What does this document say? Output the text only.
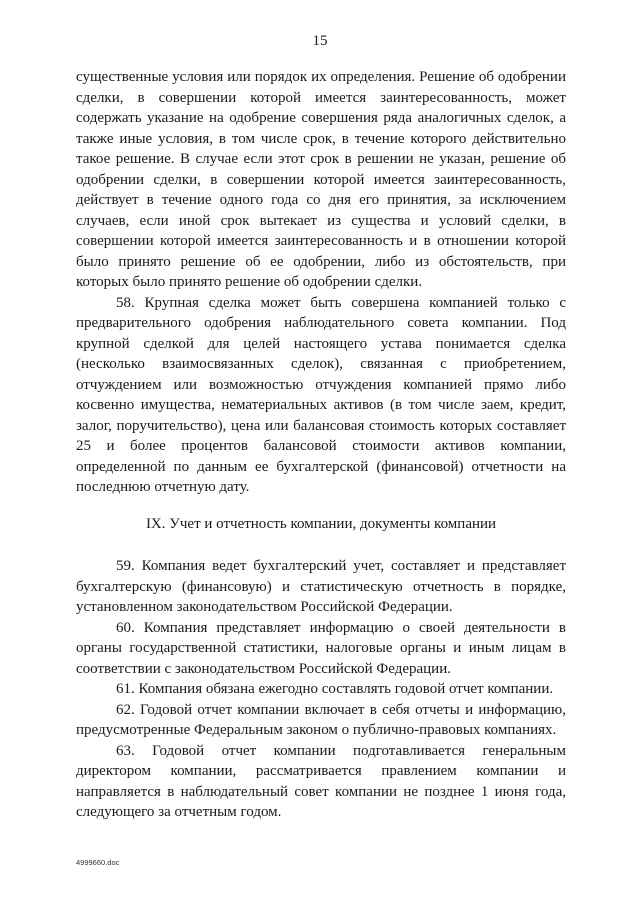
15

существенные условия или порядок их определения. Решение об одобрении сделки, в совершении которой имеется заинтересованность, может содержать указание на одобрение совершения ряда аналогичных сделок, а также иные условия, в том числе срок, в течение которого действительно такое решение. В случае если этот срок в решении не указан, решение об одобрении сделки, в совершении которой имеется заинтересованность, действует в течение одного года со дня его принятия, за исключением случаев, если иной срок вытекает из существа и условий сделки, в совершении которой имеется заинтересованность и в отношении которой было принято решение об ее одобрении, либо из обстоятельств, при которых было принято решение об одобрении сделки.

58. Крупная сделка может быть совершена компанией только с предварительного одобрения наблюдательного совета компании. Под крупной сделкой для целей настоящего устава понимается сделка (несколько взаимосвязанных сделок), связанная с приобретением, отчуждением или возможностью отчуждения компанией прямо либо косвенно имущества, нематериальных активов (в том числе заем, кредит, залог, поручительство), цена или балансовая стоимость которых составляет 25 и более процентов балансовой стоимости активов компании, определенной по данным ее бухгалтерской (финансовой) отчетности на последнюю отчетную дату.

IX. Учет и отчетность компании, документы компании

59. Компания ведет бухгалтерский учет, составляет и представляет бухгалтерскую (финансовую) и статистическую отчетность в порядке, установленном законодательством Российской Федерации.

60. Компания представляет информацию о своей деятельности в органы государственной статистики, налоговые органы и иным лицам в соответствии с законодательством Российской Федерации.

61. Компания обязана ежегодно составлять годовой отчет компании.

62. Годовой отчет компании включает в себя отчеты и информацию, предусмотренные Федеральным законом о публично-правовых компаниях.

63. Годовой отчет компании подготавливается генеральным директором компании, рассматривается правлением компании и направляется в наблюдательный совет компании не позднее 1 июня года, следующего за отчетным годом.

4999660.doc
